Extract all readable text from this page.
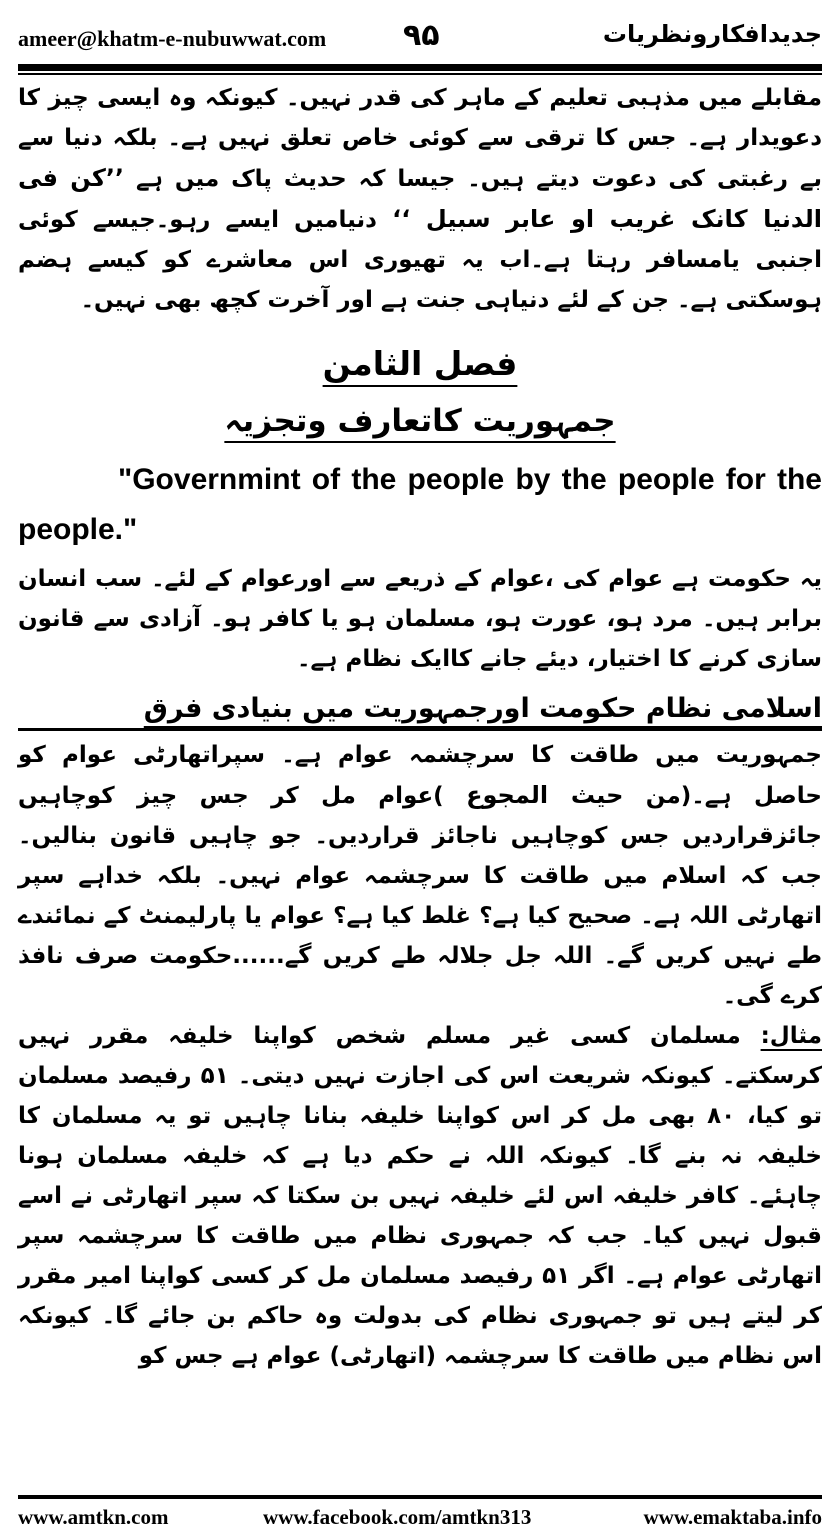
ameer@khatm-e-nubuwwat.com	۹۵	جدیدافکارونظریات

مقابلے میں مذہبی تعلیم کے ماہر کی قدر نہیں۔ کیونکہ وہ ایسی چیز کا دعویدار ہے۔ جس کا ترقی سے کوئی خاص تعلق نہیں ہے۔ بلکہ دنیا سے بے رغبتی کی دعوت دیتے ہیں۔ جیسا کہ حدیث پاک میں ہے ’’کن فی الدنیا کانک غریب او عابر سبیل ‘‘ دنیامیں ایسے رہو۔جیسے کوئی اجنبی یامسافر رہتا ہے۔اب یہ تھیوری اس معاشرے کو کیسے ہضم ہوسکتی ہے۔ جن کے لئے دنیاہی جنت ہے اور آخرت کچھ بھی نہیں۔

فصل الثامن

جمہوریت کاتعارف وتجزیہ

"Governmint of the people by the people for the people."

یہ حکومت ہے عوام کی ،عوام کے ذریعے سے اورعوام کے لئے۔ سب انسان برابر ہیں۔ مرد ہو، عورت ہو، مسلمان ہو یا کافر ہو۔ آزادی سے قانون سازی کرنے کا اختیار، دیئے جانے کاایک نظام ہے۔

اسلامی نظام حکومت اورجمہوریت میں بنیادی فرق

جمہوریت میں طاقت کا سرچشمہ عوام ہے۔ سپراتھارٹی عوام کو حاصل ہے۔(من حیث المجوع )عوام مل کر جس چیز کوچاہیں جائزقراردیں جس کوچاہیں ناجائز قراردیں۔ جو چاہیں قانون بنالیں۔ جب کہ اسلام میں طاقت کا سرچشمہ عوام نہیں۔ بلکہ خداہے سپر اتھارٹی اللہ ہے۔ صحیح کیا ہے؟ غلط کیا ہے؟ عوام یا پارلیمنٹ کے نمائندے طے نہیں کریں گے۔ اللہ جل جلالہ طے کریں گے......حکومت صرف نافذ کرے گی۔

مثال: مسلمان کسی غیر مسلم شخص کواپنا خلیفہ مقرر نہیں کرسکتے۔ کیونکہ شریعت اس کی اجازت نہیں دیتی۔ ۵۱ رفیصد مسلمان تو کیا، ۸۰ بھی مل کر اس کواپنا خلیفہ بنانا چاہیں تو یہ مسلمان کا خلیفہ نہ بنے گا۔ کیونکہ اللہ نے حکم دیا ہے کہ خلیفہ مسلمان ہونا چاہئے۔ کافر خلیفہ اس لئے خلیفہ نہیں بن سکتا کہ سپر اتھارٹی نے اسے قبول نہیں کیا۔ جب کہ جمہوری نظام میں طاقت کا سرچشمہ سپر اتھارٹی عوام ہے۔ اگر ۵۱ رفیصد مسلمان مل کر کسی کواپنا امیر مقرر کر لیتے ہیں تو جمہوری نظام کی بدولت وہ حاکم بن جائے گا۔ کیونکہ اس نظام میں طاقت کا سرچشمہ (اتھارٹی) عوام ہے جس کو

www.amtkn.com	www.facebook.com/amtkn313	www.emaktaba.info
